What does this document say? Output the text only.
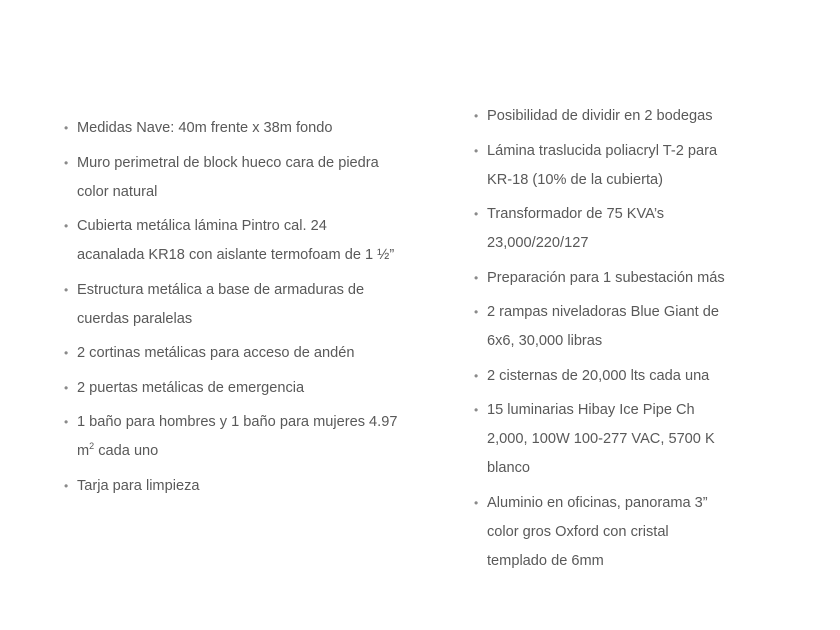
• Medidas Nave: 40m frente x 38m fondo
• Muro perimetral de block hueco cara de piedra
color natural
• Cubierta metálica lámina Pintro cal. 24
acanalada KR18 con aislante termofoam de 1 ½”
• Estructura metálica a base de armaduras de
cuerdas paralelas
• 2 cortinas metálicas para acceso de andén
• 2 puertas metálicas de emergencia
• 1 baño para hombres y 1 baño para mujeres 4.97
$m^2$ cada uno
• Tarja para limpieza
• Posibilidad de dividir en 2 bodegas
• Lámina traslucida poliacryl T-2 para
KR-18 (10% de la cubierta)
• Transformador de 75 KVA’s
23,000/220/127
• Preparación para 1 subestación más
• 2 rampas niveladoras Blue Giant de
6x6, 30,000 libras
• 2 cisternas de 20,000 lts cada una
• 15 luminarias Hibay Ice Pipe Ch
2,000, 100W 100-277 VAC, 5700 K
blanco
• Aluminio en oficinas, panorama 3”
color gros Oxford con cristal
templado de 6mm
